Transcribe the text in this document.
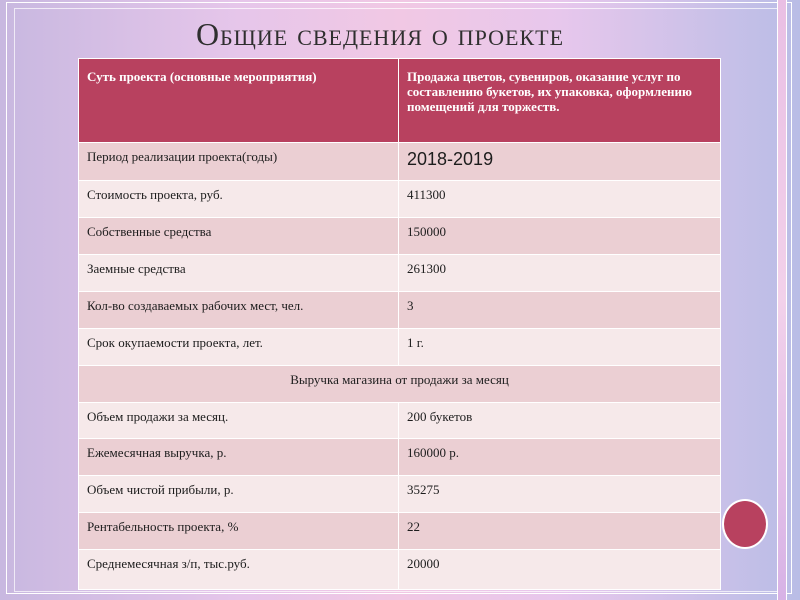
Общие сведения о проекте
Суть проекта (основные мероприятия)	Продажа цветов, сувениров, оказание услуг по составлению букетов, их упаковка, оформлению помещений для торжеств.
Период реализации проекта(годы)	2018-2019
Стоимость проекта, руб.	411300
Собственные средства	150000
Заемные средства	261300
Кол-во создаваемых рабочих мест, чел.	3
Срок окупаемости проекта, лет.	1 г.
Выручка магазина от продажи за месяц	
Объем продажи за месяц.	200 букетов
Ежемесячная выручка, р.	160000 р.
Объем чистой прибыли, р.	35275
Рентабельность проекта, %	22
Среднемесячная з/п, тыс.руб.	20000
